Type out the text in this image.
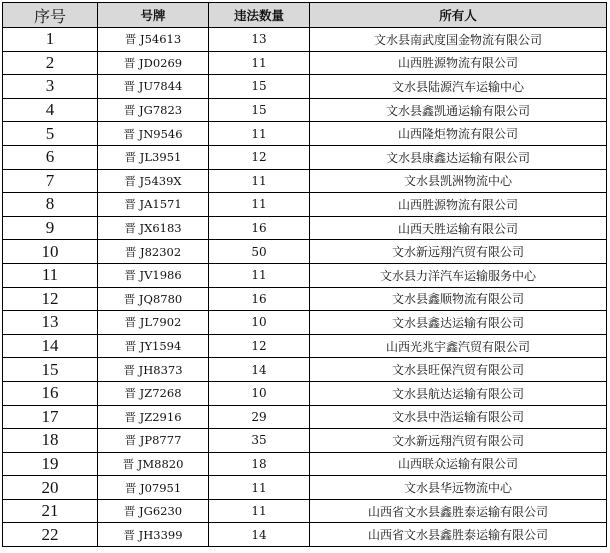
序号	号牌	违法数量	所有人
1	晋 J54613	13	文水县南武度国金物流有限公司
2	晋 JD0269	11	山西胜源物流有限公司
3	晋 JU7844	15	文水县陆源汽车运输中心
4	晋 JG7823	15	文水县鑫凯通运输有限公司
5	晋 JN9546	11	山西隆炬物流有限公司
6	晋 JL3951	12	文水县康鑫达运输有限公司
7	晋 J5439X	11	文水县凯洲物流中心
8	晋 JA1571	11	山西胜源物流有限公司
9	晋 JX6183	16	山西天胜运输有限公司
10	晋 J82302	50	文水新远翔汽贸有限公司
11	晋 JV1986	11	文水县力洋汽车运输服务中心
12	晋 JQ8780	16	文水县鑫顺物流有限公司
13	晋 JL7902	10	文水县鑫达运输有限公司
14	晋 JY1594	12	山西光兆宇鑫汽贸有限公司
15	晋 JH8373	14	文水县旺保汽贸有限公司
16	晋 JZ7268	10	文水县航达运输有限公司
17	晋 JZ2916	29	文水县中浩运输有限公司
18	晋 JP8777	35	文水新远翔汽贸有限公司
19	晋 JM8820	18	山西联众运输有限公司
20	晋 J07951	11	文水县华远物流中心
21	晋 JG6230	11	山西省文水县鑫胜泰运输有限公司
22	晋 JH3399	14	山西省文水县鑫胜泰运输有限公司
